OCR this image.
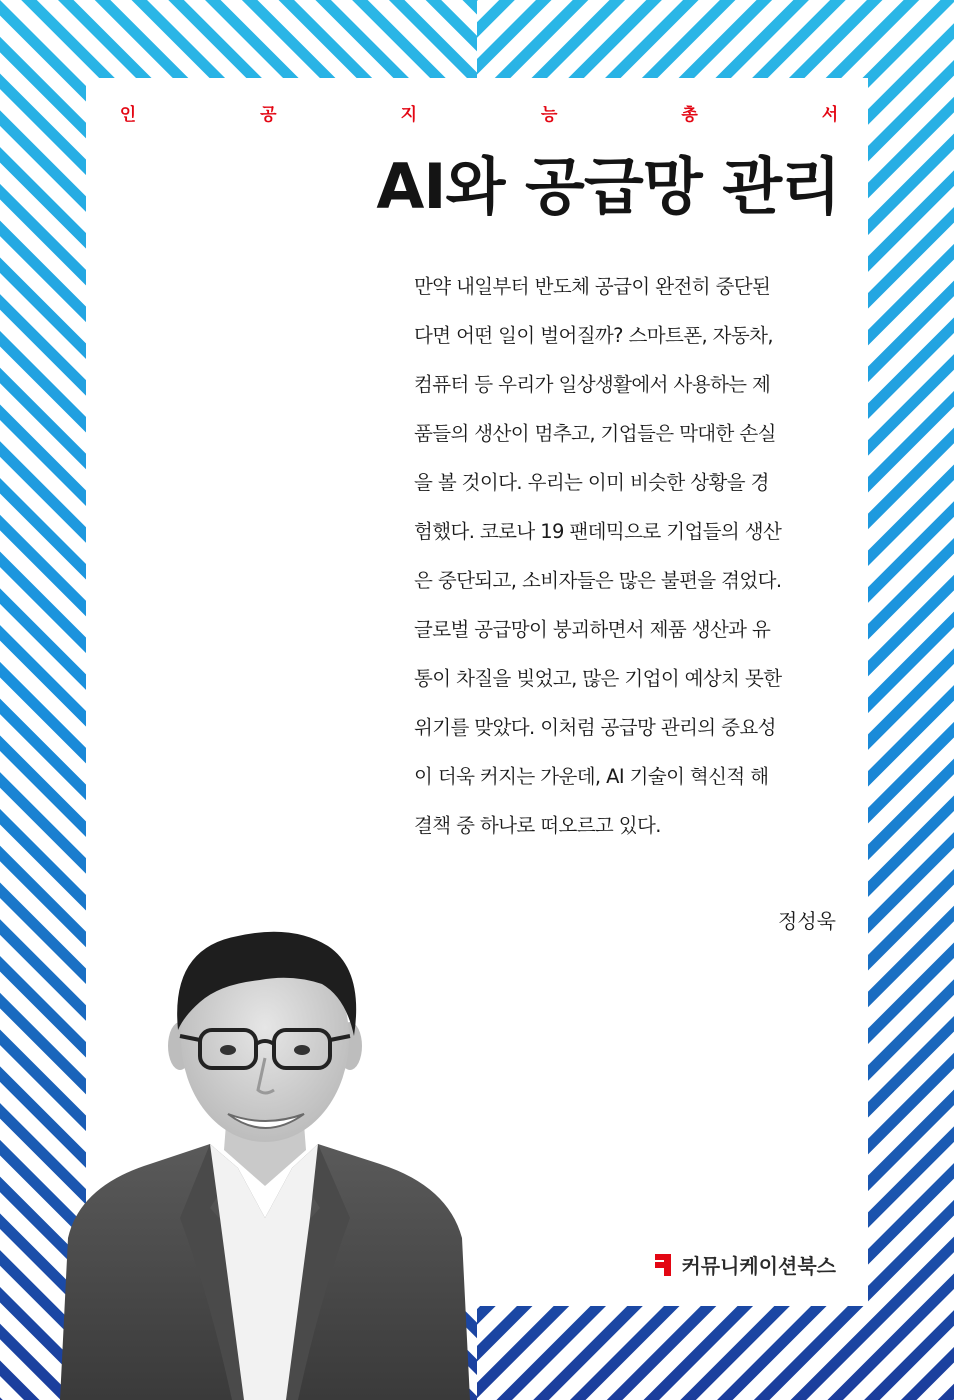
인	공	지	능	총	서
AI와 공급망 관리
만약 내일부터 반도체 공급이 완전히 중단된
다면 어떤 일이 벌어질까? 스마트폰, 자동차,
컴퓨터 등 우리가 일상생활에서 사용하는 제
품들의 생산이 멈추고, 기업들은 막대한 손실
을 볼 것이다. 우리는 이미 비슷한 상황을 경
험했다. 코로나 19 팬데믹으로 기업들의 생산
은 중단되고, 소비자들은 많은 불편을 겪었다.
글로벌 공급망이 붕괴하면서 제품 생산과 유
통이 차질을 빚었고, 많은 기업이 예상치 못한
위기를 맞았다. 이처럼 공급망 관리의 중요성
이 더욱 커지는 가운데, AI 기술이 혁신적 해
결책 중 하나로 떠오르고 있다.
정성욱
커뮤니케이션북스
